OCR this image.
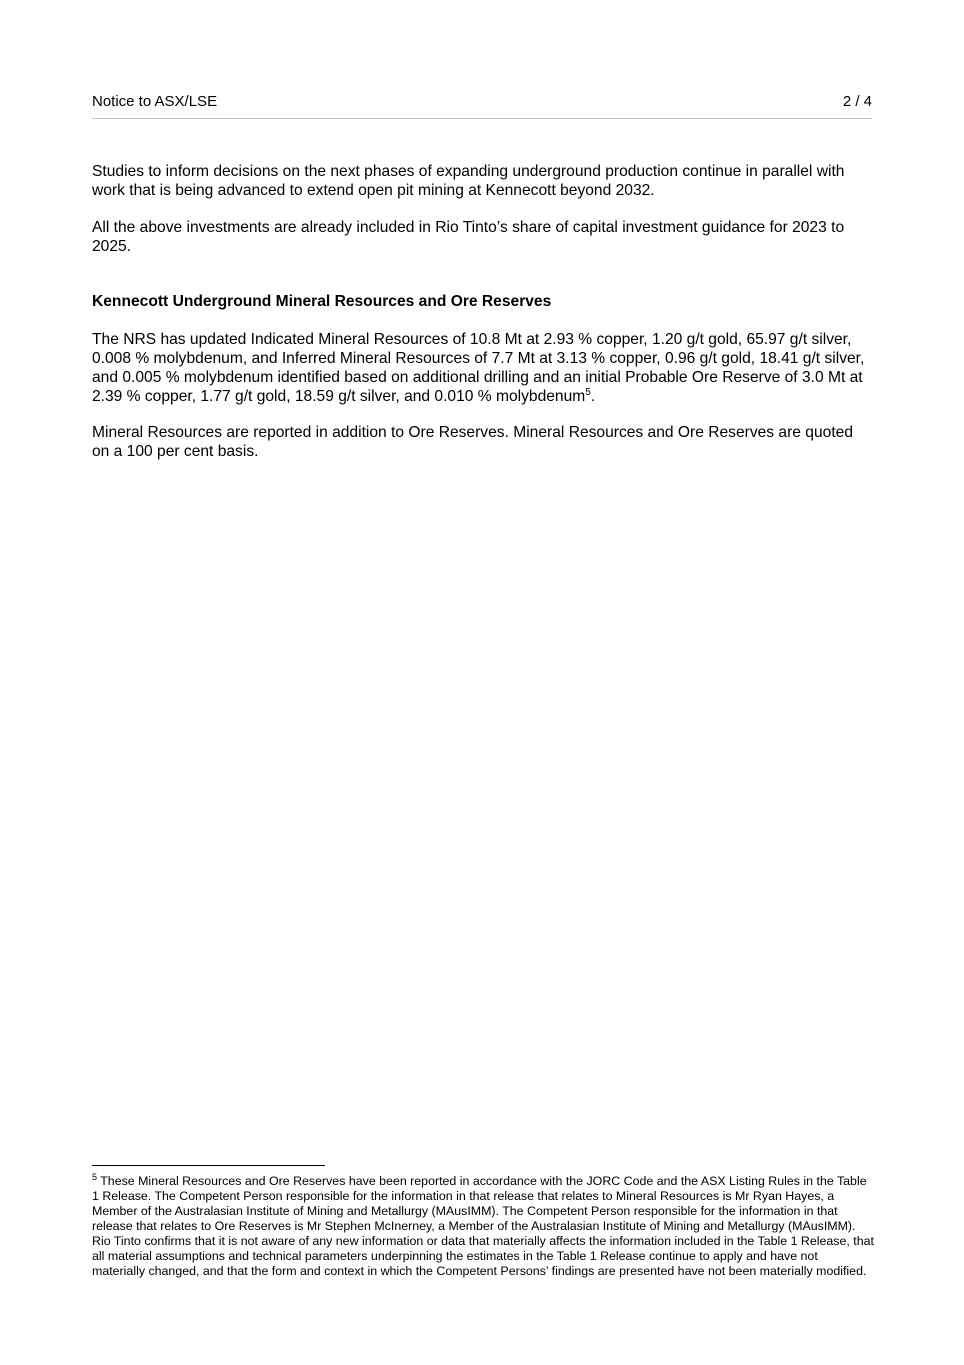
Notice to ASX/LSE	2 / 4

Studies to inform decisions on the next phases of expanding underground production continue in parallel with work that is being advanced to extend open pit mining at Kennecott beyond 2032.

All the above investments are already included in Rio Tinto’s share of capital investment guidance for 2023 to 2025.

Kennecott Underground Mineral Resources and Ore Reserves

The NRS has updated Indicated Mineral Resources of 10.8 Mt at 2.93 % copper, 1.20 g/t gold, 65.97 g/t silver, 0.008 % molybdenum, and Inferred Mineral Resources of 7.7 Mt at 3.13 % copper, 0.96 g/t gold, 18.41 g/t silver, and 0.005 % molybdenum identified based on additional drilling and an initial Probable Ore Reserve of 3.0 Mt at 2.39 % copper, 1.77 g/t gold, 18.59 g/t silver, and 0.010 % molybdenum$^5$.

Mineral Resources are reported in addition to Ore Reserves. Mineral Resources and Ore Reserves are quoted on a 100 per cent basis.

$^5$ These Mineral Resources and Ore Reserves have been reported in accordance with the JORC Code and the ASX Listing Rules in the Table 1 Release. The Competent Person responsible for the information in that release that relates to Mineral Resources is Mr Ryan Hayes, a Member of the Australasian Institute of Mining and Metallurgy (MAusIMM). The Competent Person responsible for the information in that release that relates to Ore Reserves is Mr Stephen McInerney, a Member of the Australasian Institute of Mining and Metallurgy (MAusIMM). Rio Tinto confirms that it is not aware of any new information or data that materially affects the information included in the Table 1 Release, that all material assumptions and technical parameters underpinning the estimates in the Table 1 Release continue to apply and have not materially changed, and that the form and context in which the Competent Persons’ findings are presented have not been materially modified.
